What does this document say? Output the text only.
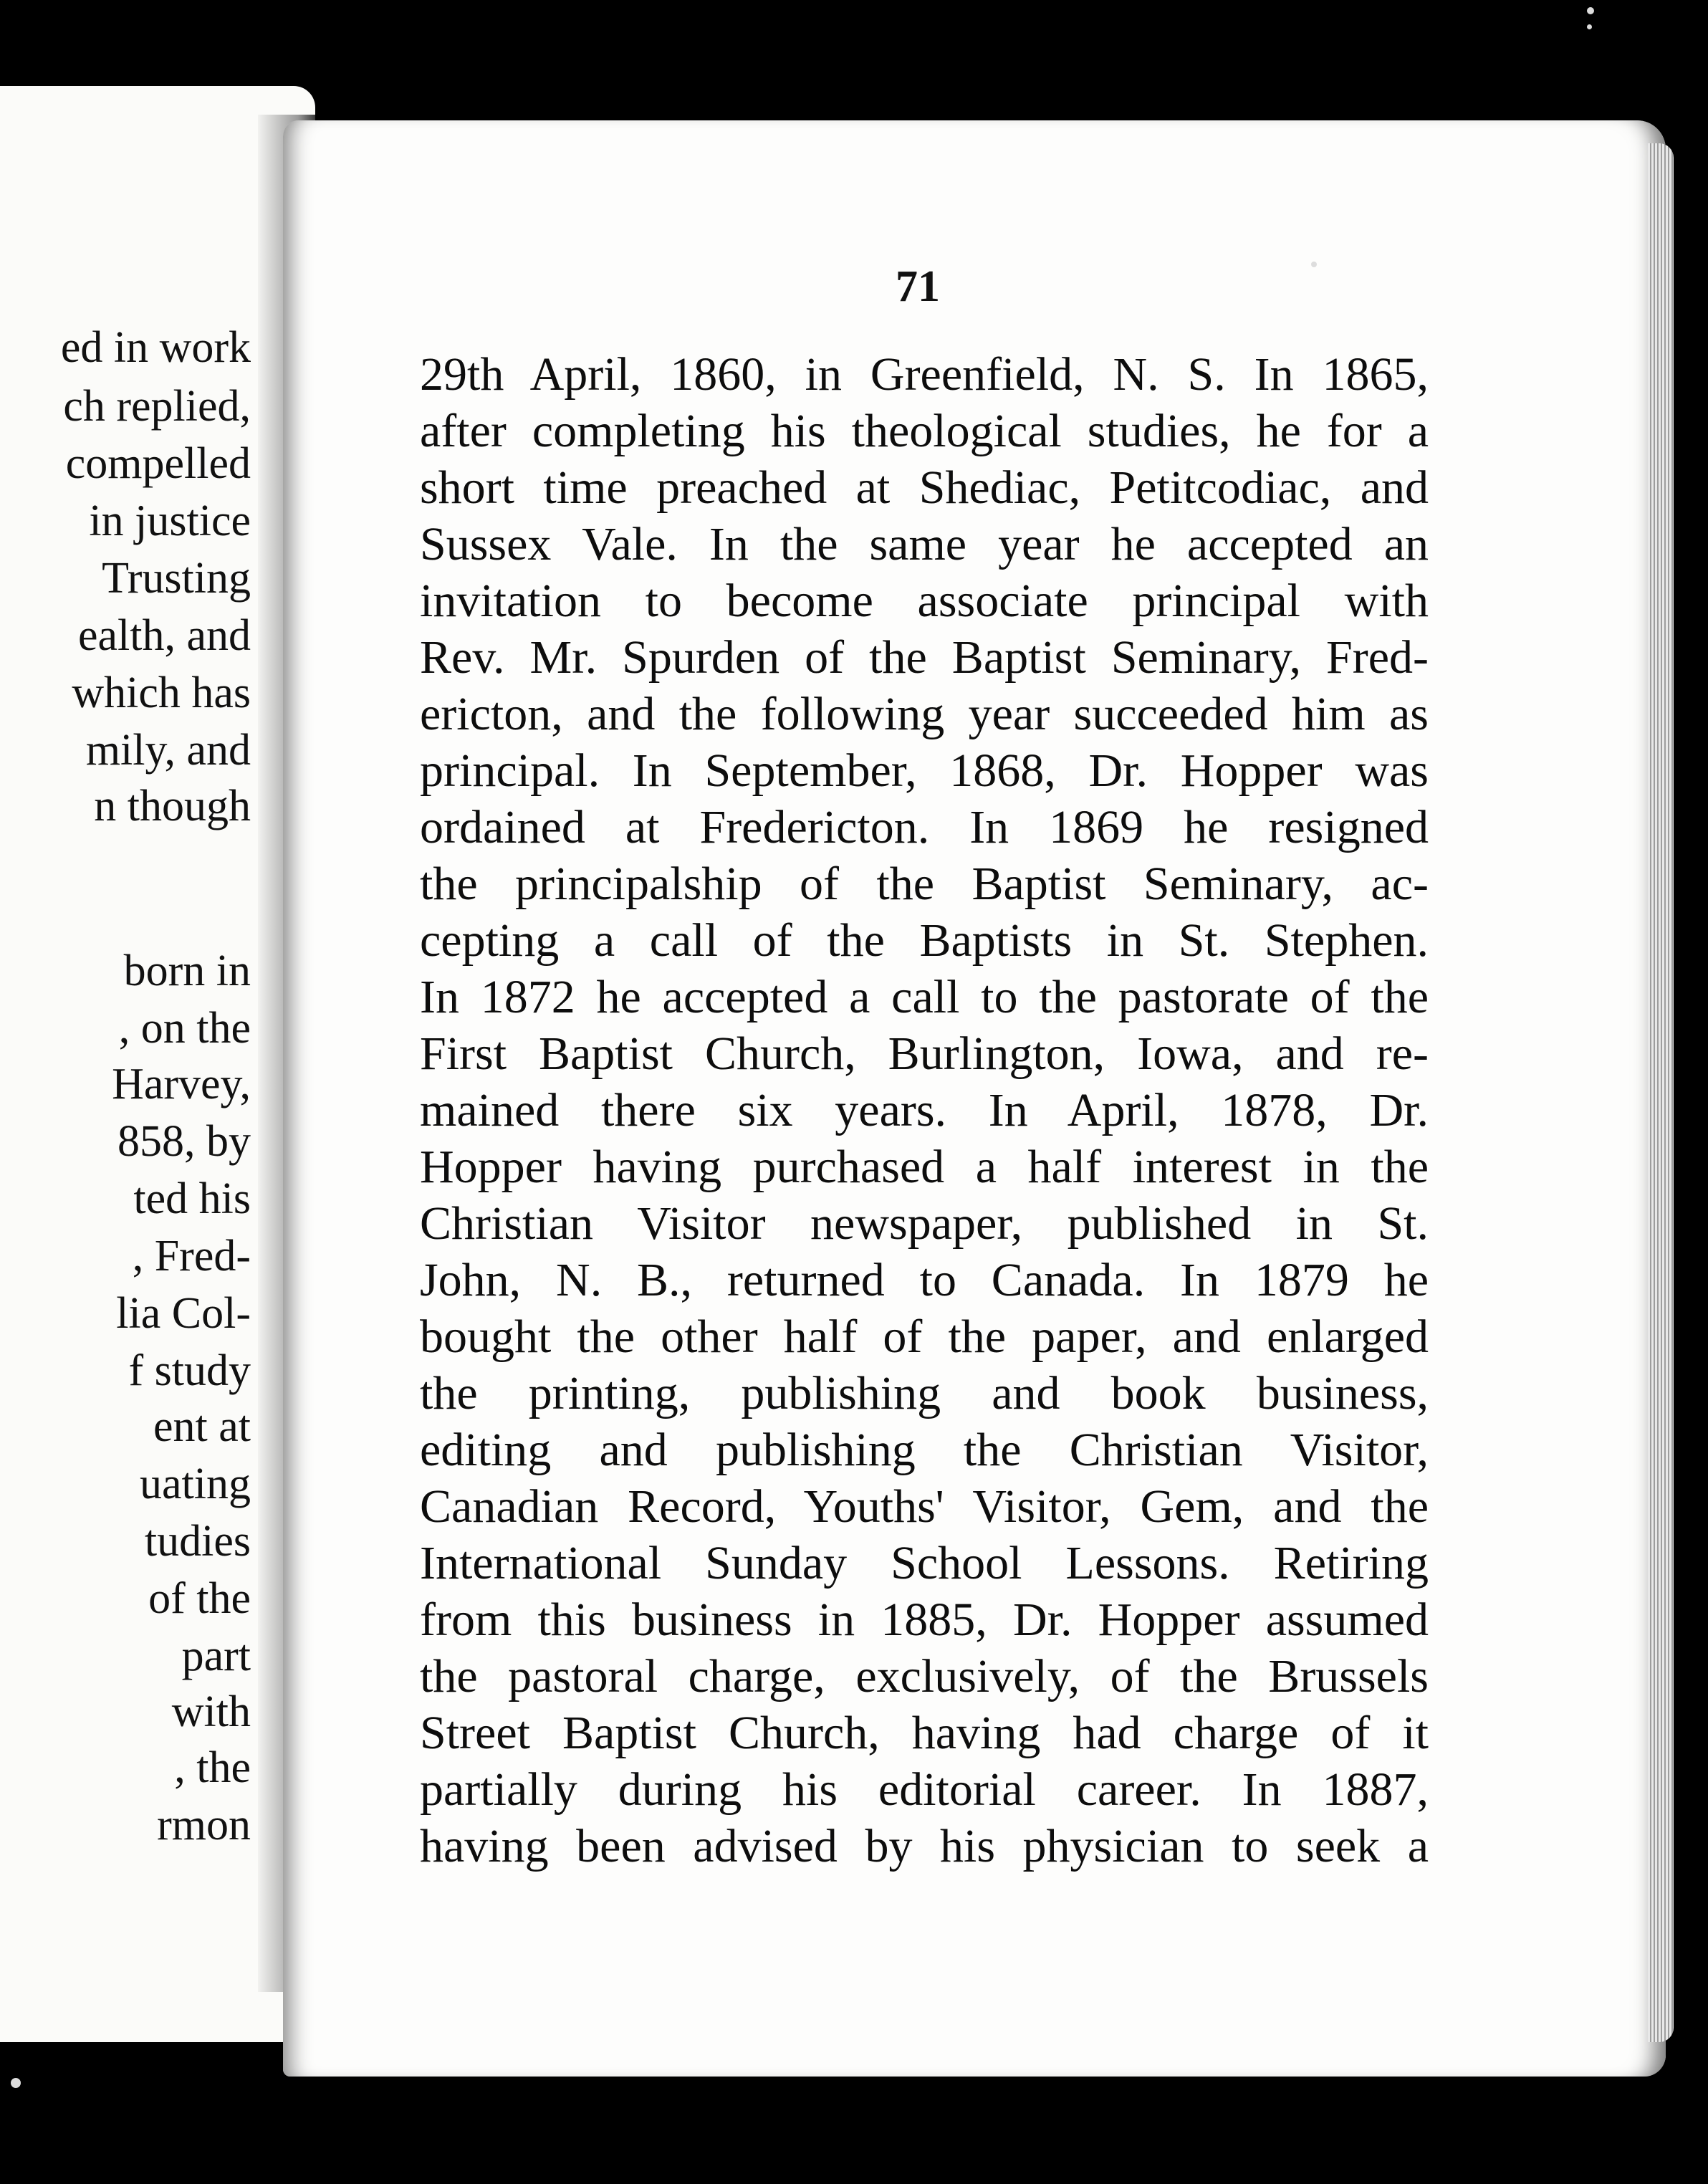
ed in work
ch replied,
compelled
in justice
Trusting
ealth, and
which has
mily, and
n though
born in
, on the
Harvey,
858, by
ted his
, Fred-
lia Col-
f study
ent at
uating
tudies
of the
part
with
, the
rmon
71
29th April, 1860, in Greenfield, N. S. In 1865,
after completing his theological studies, he for a
short time preached at Shediac, Petitcodiac, and
Sussex Vale. In the same year he accepted an
invitation to become associate principal with
Rev. Mr. Spurden of the Baptist Seminary, Fred-
ericton, and the following year succeeded him as
principal. In September, 1868, Dr. Hopper was
ordained at Fredericton. In 1869 he resigned
the principalship of the Baptist Seminary, ac-
cepting a call of the Baptists in St. Stephen.
In 1872 he accepted a call to the pastorate of the
First Baptist Church, Burlington, Iowa, and re-
mained there six years. In April, 1878, Dr.
Hopper having purchased a half interest in the
Christian Visitor newspaper, published in St.
John, N. B., returned to Canada. In 1879 he
bought the other half of the paper, and enlarged
the printing, publishing and book business,
editing and publishing the Christian Visitor,
Canadian Record, Youths' Visitor, Gem, and the
International Sunday School Lessons. Retiring
from this business in 1885, Dr. Hopper assumed
the pastoral charge, exclusively, of the Brussels
Street Baptist Church, having had charge of it
partially during his editorial career. In 1887,
having been advised by his physician to seek a
